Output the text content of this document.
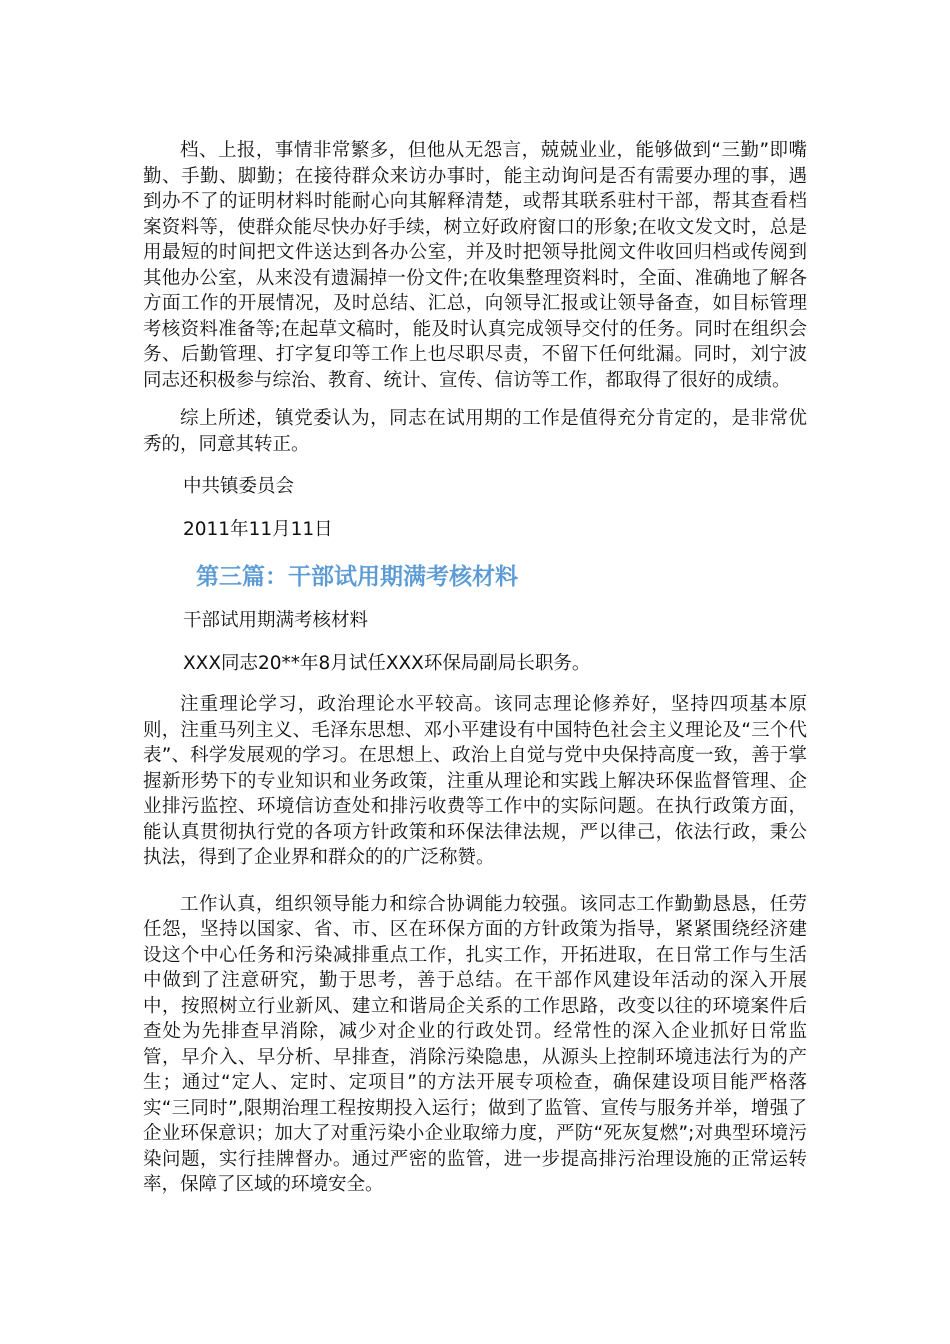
档、上报，事情非常繁多，但他从无怨言，兢兢业业，能够做到“三勤”即嘴勤、手勤、脚勤；在接待群众来访办事时，能主动询问是否有需要办理的事，遇到办不了的证明材料时能耐心向其解释清楚，或帮其联系驻村干部，帮其查看档案资料等，使群众能尽快办好手续，树立好政府窗口的形象;在收文发文时，总是用最短的时间把文件送达到各办公室，并及时把领导批阅文件收回归档或传阅到其他办公室，从来没有遗漏掉一份文件;在收集整理资料时，全面、准确地了解各方面工作的开展情况，及时总结、汇总，向领导汇报或让领导备查，如目标管理考核资料准备等;在起草文稿时，能及时认真完成领导交付的任务。同时在组织会务、后勤管理、打字复印等工作上也尽职尽责，不留下任何纰漏。同时，刘宁波同志还积极参与综治、教育、统计、宣传、信访等工作，都取得了很好的成绩。

综上所述，镇党委认为，同志在试用期的工作是值得充分肯定的，是非常优秀的，同意其转正。

中共镇委员会

2011年11月11日

第三篇：干部试用期满考核材料

干部试用期满考核材料

XXX同志20**年8月试任XXX环保局副局长职务。

注重理论学习，政治理论水平较高。该同志理论修养好，坚持四项基本原则，注重马列主义、毛泽东思想、邓小平建设有中国特色社会主义理论及“三个代表”、科学发展观的学习。在思想上、政治上自觉与党中央保持高度一致，善于掌握新形势下的专业知识和业务政策，注重从理论和实践上解决环保监督管理、企业排污监控、环境信访查处和排污收费等工作中的实际问题。在执行政策方面，能认真贯彻执行党的各项方针政策和环保法律法规，严以律己，依法行政，秉公执法，得到了企业界和群众的的广泛称赞。

工作认真，组织领导能力和综合协调能力较强。该同志工作勤勤恳恳，任劳任怨，坚持以国家、省、市、区在环保方面的方针政策为指导，紧紧围绕经济建设这个中心任务和污染减排重点工作，扎实工作，开拓进取，在日常工作与生活中做到了注意研究，勤于思考，善于总结。在干部作风建设年活动的深入开展中，按照树立行业新风、建立和谐局企关系的工作思路，改变以往的环境案件后查处为先排查早消除，减少对企业的行政处罚。经常性的深入企业抓好日常监管，早介入、早分析、早排查，消除污染隐患，从源头上控制环境违法行为的产生；通过“定人、定时、定项目”的方法开展专项检查，确保建设项目能严格落实“三同时”,限期治理工程按期投入运行；做到了监管、宣传与服务并举，增强了企业环保意识；加大了对重污染小企业取缔力度，严防“死灰复燃”;对典型环境污染问题，实行挂牌督办。通过严密的监管，进一步提高排污治理设施的正常运转率，保障了区域的环境安全。
